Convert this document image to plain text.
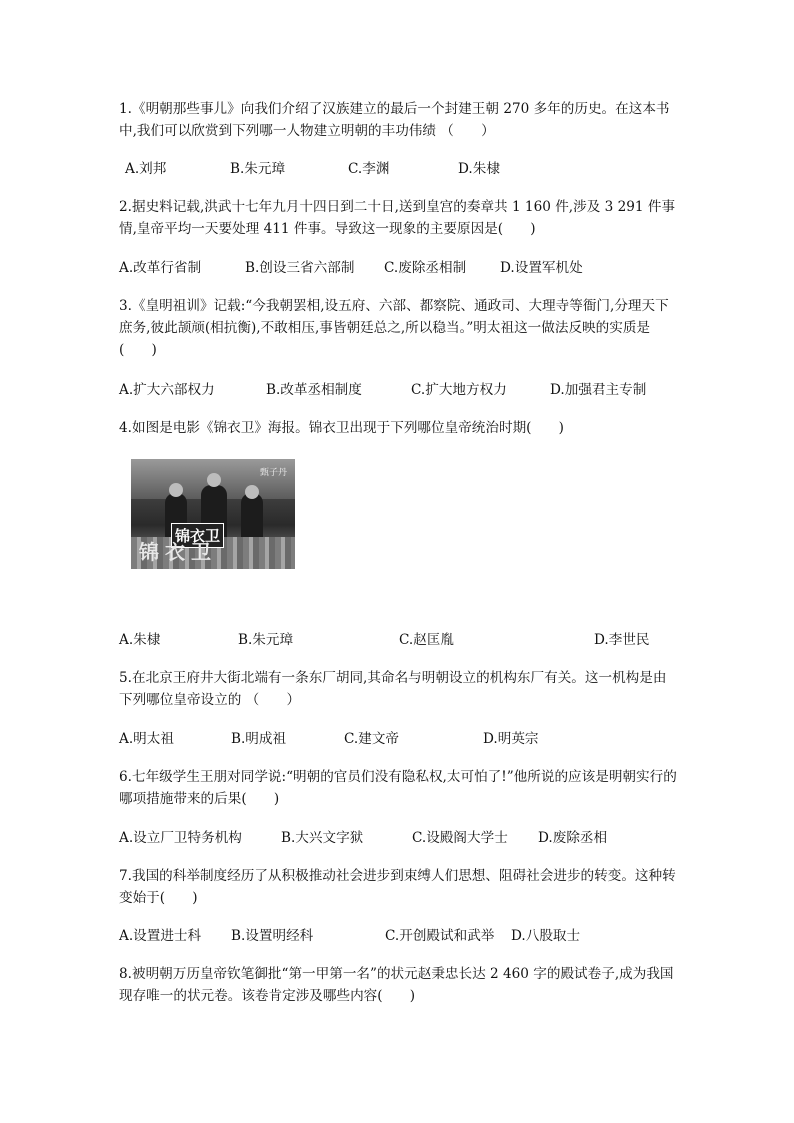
1.《明朝那些事儿》向我们介绍了汉族建立的最后一个封建王朝 270 多年的历史。在这本书中,我们可以欣赏到下列哪一人物建立明朝的丰功伟绩 （　　）
A.刘邦	B.朱元璋	C.李渊	D.朱棣
2.据史料记载,洪武十七年九月十四日到二十日,送到皇宫的奏章共 1 160 件,涉及 3 291 件事情,皇帝平均一天要处理 411 件事。导致这一现象的主要原因是(　　)
A.改革行省制	B.创设三省六部制 C.废除丞相制 D.设置军机处
3.《皇明祖训》记载:“今我朝罢相,设五府、六部、都察院、通政司、大理寺等衙门,分理天下庶务,彼此颉颃(相抗衡),不敢相压,事皆朝廷总之,所以稳当。”明太祖这一做法反映的实质是(　　)
A.扩大六部权力	B.改革丞相制度	C.扩大地方权力	D.加强君主专制
4.如图是电影《锦衣卫》海报。锦衣卫出现于下列哪位皇帝统治时期(　　)
甄子丹
锦衣卫
锦衣卫
A.朱棣	B.朱元璋	C.赵匡胤	D.李世民
5.在北京王府井大街北端有一条东厂胡同,其命名与明朝设立的机构东厂有关。这一机构是由下列哪位皇帝设立的 （　　）
A.明太祖	B.明成祖	C.建文帝	D.明英宗
6.七年级学生王朋对同学说:“明朝的官员们没有隐私权,太可怕了!”他所说的应该是明朝实行的哪项措施带来的后果(　　)
A.设立厂卫特务机构	B.大兴文字狱	C.设殿阁大学士 D.废除丞相
7.我国的科举制度经历了从积极推动社会进步到束缚人们思想、阻碍社会进步的转变。这种转变始于(　　)
A.设置进士科 B.设置明经科	C.开创殿试和武举 D.八股取士
8.被明朝万历皇帝钦笔御批“第一甲第一名”的状元赵秉忠长达 2 460 字的殿试卷子,成为我国现存唯一的状元卷。该卷肯定涉及哪些内容(　　)
